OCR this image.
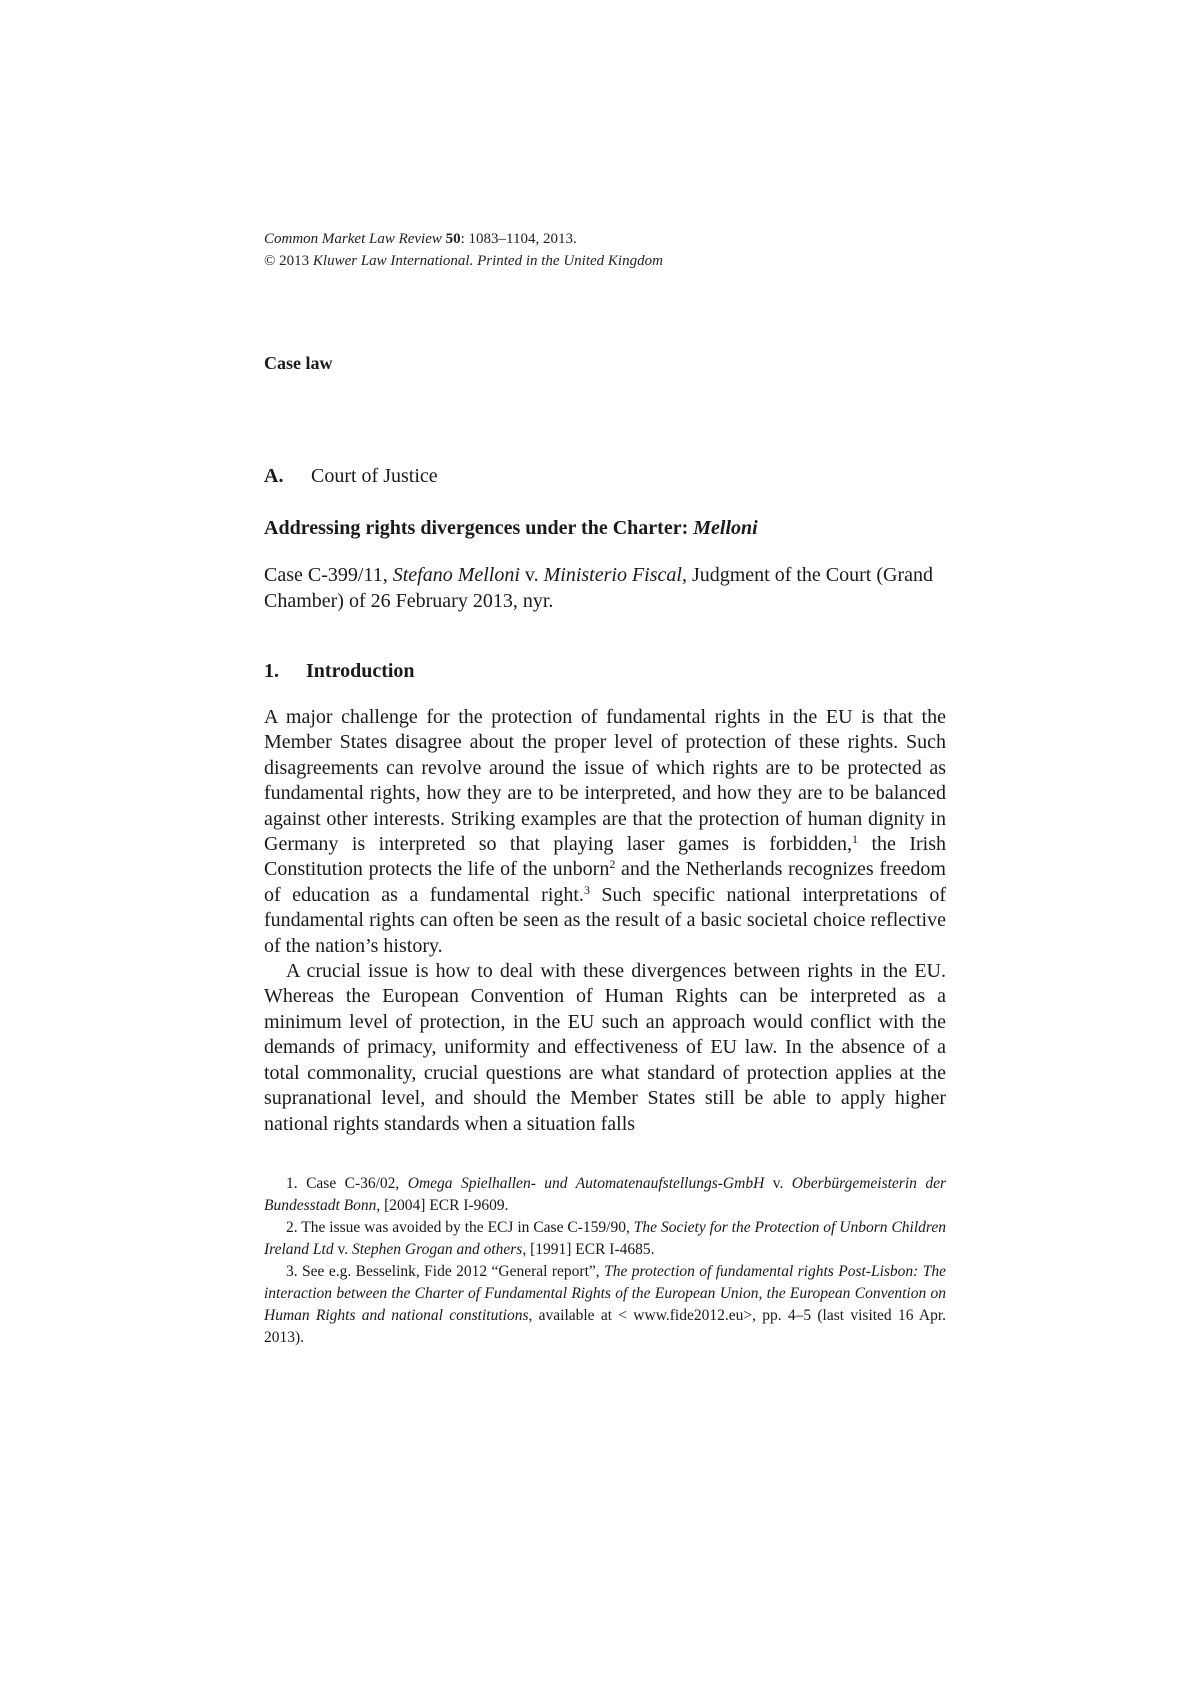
Common Market Law Review 50: 1083–1104, 2013.
© 2013 Kluwer Law International. Printed in the United Kingdom
Case law
A. Court of Justice
Addressing rights divergences under the Charter: Melloni
Case C-399/11, Stefano Melloni v. Ministerio Fiscal, Judgment of the Court (Grand Chamber) of 26 February 2013, nyr.
1. Introduction

A major challenge for the protection of fundamental rights in the EU is that the Member States disagree about the proper level of protection of these rights. Such disagreements can revolve around the issue of which rights are to be protected as fundamental rights, how they are to be interpreted, and how they are to be balanced against other interests. Striking examples are that the protection of human dignity in Germany is interpreted so that playing laser games is forbidden,$^1$ the Irish Constitution protects the life of the unborn$^2$ and the Netherlands recognizes freedom of education as a fundamental right.$^3$ Such specific national interpretations of fundamental rights can often be seen as the result of a basic societal choice reflective of the nation’s history.

A crucial issue is how to deal with these divergences between rights in the EU. Whereas the European Convention of Human Rights can be interpreted as a minimum level of protection, in the EU such an approach would conflict with the demands of primacy, uniformity and effectiveness of EU law. In the absence of a total commonality, crucial questions are what standard of protection applies at the supranational level, and should the Member States still be able to apply higher national rights standards when a situation falls

1. Case C-36/02, Omega Spielhallen- und Automatenaufstellungs-GmbH v. Oberbürgemeisterin der Bundesstadt Bonn, [2004] ECR I-9609.

2. The issue was avoided by the ECJ in Case C-159/90, The Society for the Protection of Unborn Children Ireland Ltd v. Stephen Grogan and others, [1991] ECR I-4685.

3. See e.g. Besselink, Fide 2012 “General report”, The protection of fundamental rights Post-Lisbon: The interaction between the Charter of Fundamental Rights of the European Union, the European Convention on Human Rights and national constitutions, available at < www.fide2012.eu>, pp. 4–5 (last visited 16 Apr. 2013).
